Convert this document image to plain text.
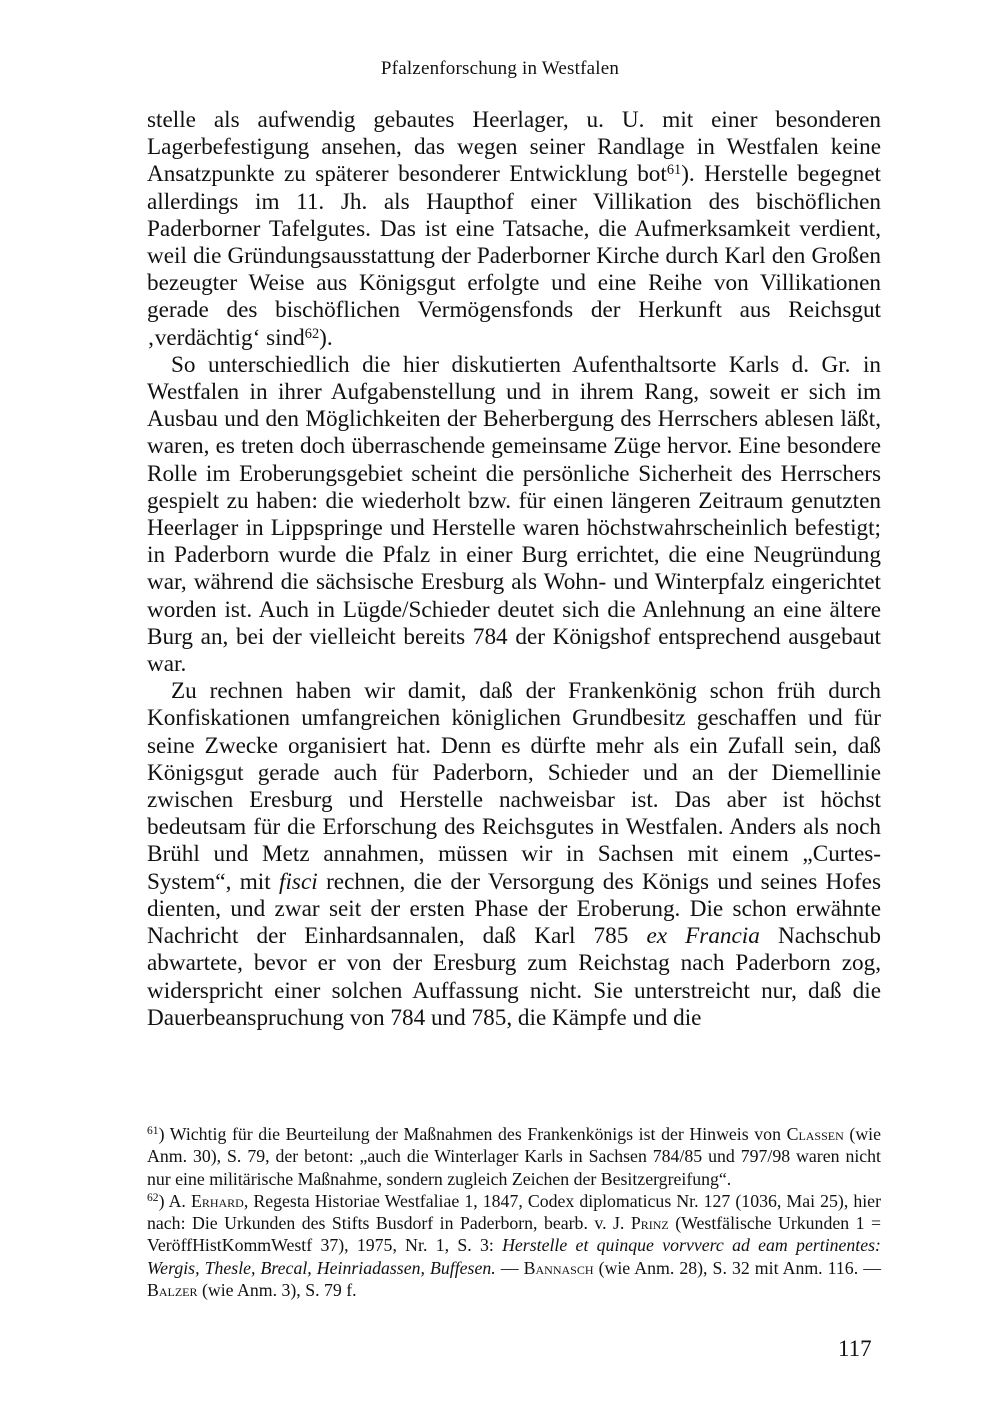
Pfalzenforschung in Westfalen

stelle als aufwendig gebautes Heerlager, u. U. mit einer besonderen Lagerbefestigung ansehen, das wegen seiner Randlage in Westfalen keine Ansatzpunkte zu späterer besonderer Entwicklung bot$^{61}$). Herstelle begegnet allerdings im 11. Jh. als Haupthof einer Villikation des bischöflichen Paderborner Tafelgutes. Das ist eine Tatsache, die Aufmerksamkeit verdient, weil die Gründungsausstattung der Paderborner Kirche durch Karl den Großen bezeugter Weise aus Königsgut erfolgte und eine Reihe von Villikationen gerade des bischöflichen Vermögensfonds der Herkunft aus Reichsgut ‚verdächtig‘ sind$^{62}$).

So unterschiedlich die hier diskutierten Aufenthaltsorte Karls d. Gr. in Westfalen in ihrer Aufgabenstellung und in ihrem Rang, soweit er sich im Ausbau und den Möglichkeiten der Beherbergung des Herrschers ablesen läßt, waren, es treten doch überraschende gemeinsame Züge hervor. Eine besondere Rolle im Eroberungsgebiet scheint die persönliche Sicherheit des Herrschers gespielt zu haben: die wiederholt bzw. für einen längeren Zeitraum genutzten Heerlager in Lippspringe und Herstelle waren höchstwahrscheinlich befestigt; in Paderborn wurde die Pfalz in einer Burg errichtet, die eine Neugründung war, während die sächsische Eresburg als Wohn- und Winterpfalz eingerichtet worden ist. Auch in Lügde/Schieder deutet sich die Anlehnung an eine ältere Burg an, bei der vielleicht bereits 784 der Königshof entsprechend ausgebaut war.

Zu rechnen haben wir damit, daß der Frankenkönig schon früh durch Konfiskationen umfangreichen königlichen Grundbesitz geschaffen und für seine Zwecke organisiert hat. Denn es dürfte mehr als ein Zufall sein, daß Königsgut gerade auch für Paderborn, Schieder und an der Diemellinie zwischen Eresburg und Herstelle nachweisbar ist. Das aber ist höchst bedeutsam für die Erforschung des Reichsgutes in Westfalen. Anders als noch Brühl und Metz annahmen, müssen wir in Sachsen mit einem „Curtes-System“, mit fisci rechnen, die der Versorgung des Königs und seines Hofes dienten, und zwar seit der ersten Phase der Eroberung. Die schon erwähnte Nachricht der Einhardsannalen, daß Karl 785 ex Francia Nachschub abwartete, bevor er von der Eresburg zum Reichstag nach Paderborn zog, widerspricht einer solchen Auffassung nicht. Sie unterstreicht nur, daß die Dauerbeanspruchung von 784 und 785, die Kämpfe und die

$^{61}$) Wichtig für die Beurteilung der Maßnahmen des Frankenkönigs ist der Hinweis von Classen (wie Anm. 30), S. 79, der betont: „auch die Winterlager Karls in Sachsen 784/85 und 797/98 waren nicht nur eine militärische Maßnahme, sondern zugleich Zeichen der Besitzergreifung“.

$^{62}$) A. Erhard, Regesta Historiae Westfaliae 1, 1847, Codex diplomaticus Nr. 127 (1036, Mai 25), hier nach: Die Urkunden des Stifts Busdorf in Paderborn, bearb. v. J. Prinz (Westfälische Urkunden 1 = VeröffHistKommWestf 37), 1975, Nr. 1, S. 3: Herstelle et quinque vorvverc ad eam pertinentes: Wergis, Thesle, Brecal, Heinriadassen, Buffesen. — Bannasch (wie Anm. 28), S. 32 mit Anm. 116. — Balzer (wie Anm. 3), S. 79 f.

117
